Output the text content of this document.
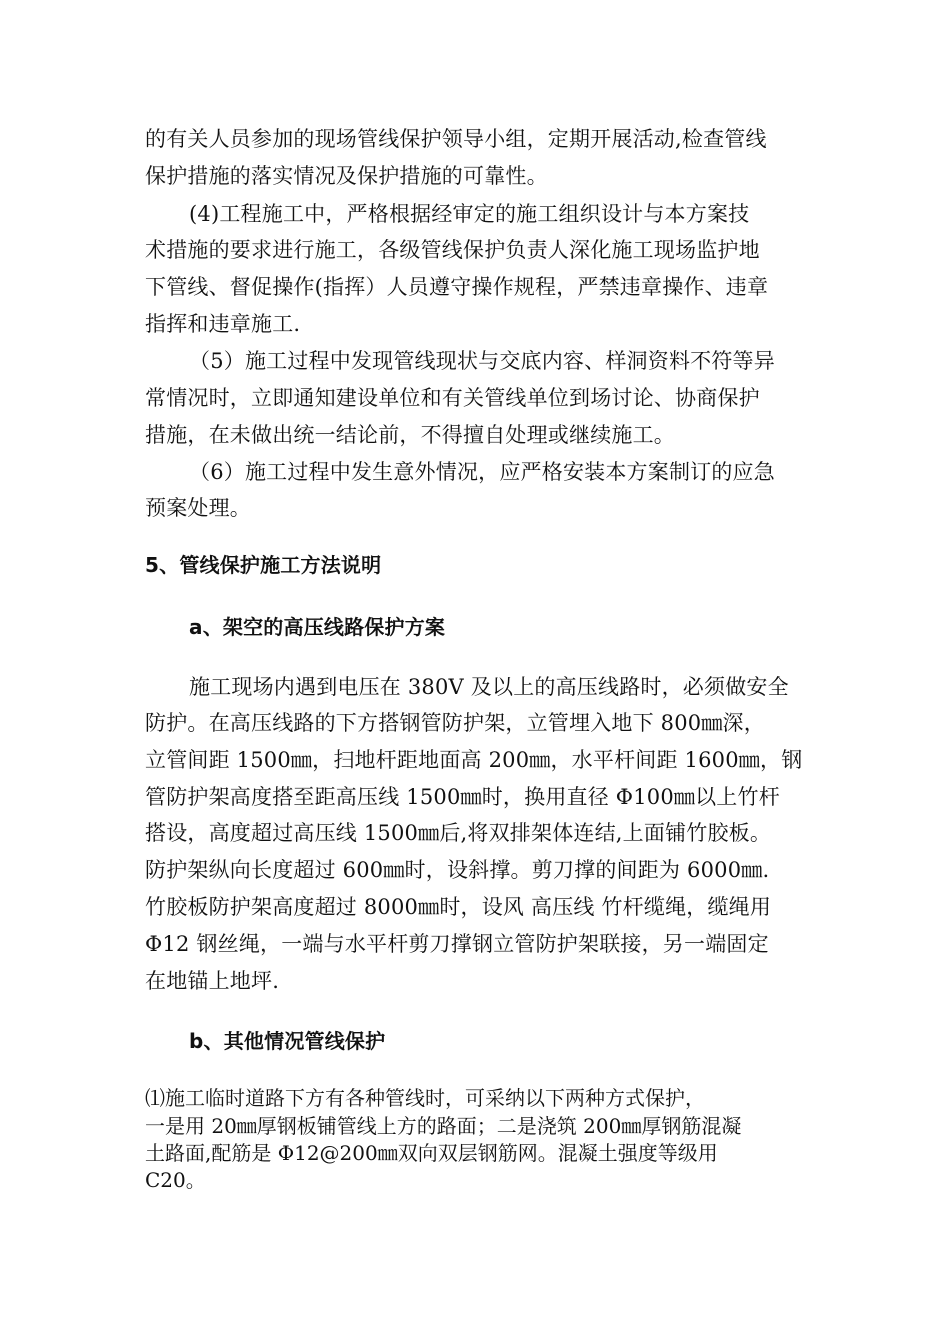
的有关人员参加的现场管线保护领导小组，定期开展活动,检查管线
保护措施的落实情况及保护措施的可靠性。
(4)工程施工中，严格根据经审定的施工组织设计与本方案技
术措施的要求进行施工，各级管线保护负责人深化施工现场监护地
下管线、督促操作(指挥）人员遵守操作规程，严禁违章操作、违章
指挥和违章施工.
（5）施工过程中发现管线现状与交底内容、样洞资料不符等异
常情况时，立即通知建设单位和有关管线单位到场讨论、协商保护
措施，在未做出统一结论前，不得擅自处理或继续施工。
（6）施工过程中发生意外情况，应严格安装本方案制订的应急
预案处理。
5、管线保护施工方法说明
a、架空的高压线路保护方案
施工现场内遇到电压在 380V 及以上的高压线路时，必须做安全
防护。在高压线路的下方搭钢管防护架，立管埋入地下 800㎜深，
立管间距 1500㎜，扫地杆距地面高 200㎜，水平杆间距 1600㎜，钢
管防护架高度搭至距高压线 1500㎜时，换用直径 Φ100㎜以上竹杆
搭设，高度超过高压线 1500㎜后,将双排架体连结,上面铺竹胶板。
防护架纵向长度超过 600㎜时，设斜撑。剪刀撑的间距为 6000㎜.
竹胶板防护架高度超过 8000㎜时，设风 高压线 竹杆缆绳，缆绳用
Φ12 钢丝绳，一端与水平杆剪刀撑钢立管防护架联接，另一端固定
在地锚上地坪.
b、其他情况管线保护
⑴施工临时道路下方有各种管线时，可采纳以下两种方式保护，
一是用 20㎜厚钢板铺管线上方的路面；二是浇筑 200㎜厚钢筋混凝
土路面,配筋是 Φ12@200㎜双向双层钢筋网。混凝土强度等级用
C20。
